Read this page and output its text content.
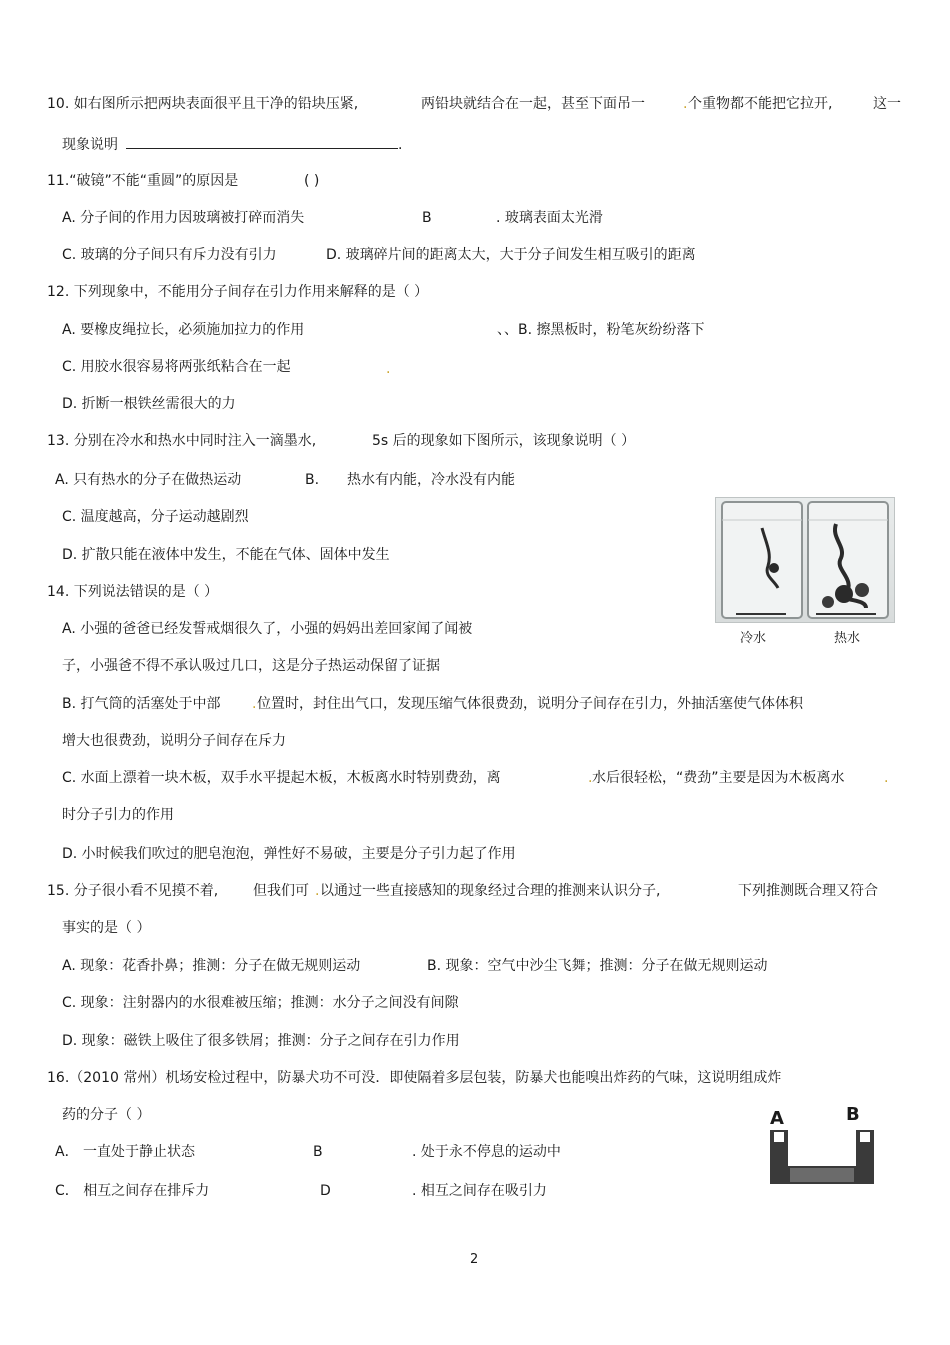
10. 如右图所示把两块表面很平且干净的铅块压紧,	两铅块就结合在一起，甚至下面吊一	. 个重物都不能把它拉开,	这一
现象说明	.
11.“破镜”不能“重圆”的原因是	( )
A. 分子间的作用力因玻璃被打碎而消失	B	. 玻璃表面太光滑
C. 玻璃的分子间只有斥力没有引力	D. 玻璃碎片间的距离太大，大于分子间发生相互吸引的距离
12. 下列现象中，不能用分子间存在引力作用来解释的是（ ）
A. 要橡皮绳拉长，必须施加拉力的作用	、、B. 擦黑板时，粉笔灰纷纷落下
C. 用胶水很容易将两张纸粘合在一起	.
D. 折断一根铁丝需很大的力
13. 分别在冷水和热水中同时注入一滴墨水,	5s 后的现象如下图所示，该现象说明（ ）
A. 只有热水的分子在做热运动	B. 热水有内能，冷水没有内能
C. 温度越高，分子运动越剧烈
D. 扩散只能在液体中发生，不能在气体、固体中发生
冷水	热水
14. 下列说法错误的是（ ）
A. 小强的爸爸已经发誓戒烟很久了，小强的妈妈出差回家闻了闻被
子，小强爸不得不承认吸过几口，这是分子热运动保留了证据
B. 打气筒的活塞处于中部 . 位置时，封住出气口，发现压缩气体很费劲，说明分子间存在引力，外抽活塞使气体体积
增大也很费劲，说明分子间存在斥力
C. 水面上漂着一块木板，双手水平提起木板，木板离水时特别费劲，离	. 水后很轻松，“费劲”主要是因为木板离水	.
时分子引力的作用
D. 小时候我们吹过的肥皂泡泡，弹性好不易破，主要是分子引力起了作用
15. 分子很小看不见摸不着, 但我们可 . 以通过一些直接感知的现象经过合理的推测来认识分子,	下列推测既合理又符合
事实的是（ ）
A. 现象：花香扑鼻；推测：分子在做无规则运动	B. 现象：空气中沙尘飞舞；推测：分子在做无规则运动
C. 现象：注射器内的水很难被压缩；推测：水分子之间没有间隙
D. 现象：磁铁上吸住了很多铁屑；推测：分子之间存在引力作用
16.（2010 常州）机场安检过程中，防暴犬功不可没．即使隔着多层包装，防暴犬也能嗅出炸药的气味，这说明组成炸
药的分子（ ）
A． 一直处于静止状态	B	. 处于永不停息的运动中
C． 相互之间存在排斥力	D	. 相互之间存在吸引力
A	B
2
